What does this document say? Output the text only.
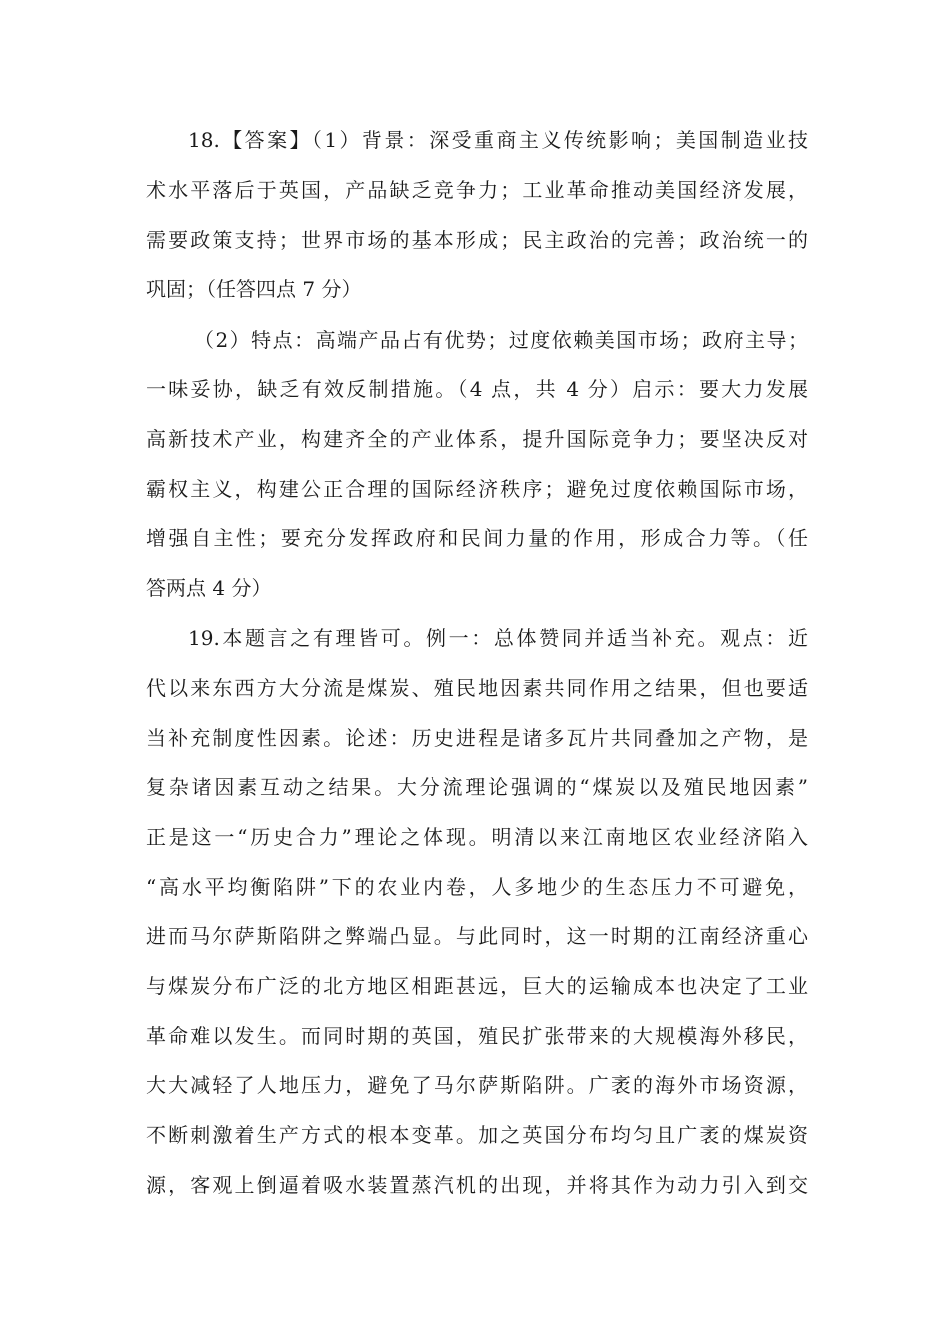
18.【答案】（1）背景：深受重商主义传统影响；美国制造业技
术水平落后于英国，产品缺乏竞争力；工业革命推动美国经济发展，
需要政策支持；世界市场的基本形成；民主政治的完善；政治统一的
巩固；（任答四点 7 分）
（2）特点：高端产品占有优势；过度依赖美国市场；政府主导；
一味妥协，缺乏有效反制措施。（4 点，共 4 分）启示：要大力发展
高新技术产业，构建齐全的产业体系，提升国际竞争力；要坚决反对
霸权主义，构建公正合理的国际经济秩序；避免过度依赖国际市场，
增强自主性；要充分发挥政府和民间力量的作用，形成合力等。（任
答两点 4 分）
19.本题言之有理皆可。例一：总体赞同并适当补充。观点：近
代以来东西方大分流是煤炭、殖民地因素共同作用之结果，但也要适
当补充制度性因素。论述：历史进程是诸多瓦片共同叠加之产物，是
复杂诸因素互动之结果。大分流理论强调的“煤炭以及殖民地因素”
正是这一“历史合力”理论之体现。明清以来江南地区农业经济陷入
“高水平均衡陷阱”下的农业内卷，人多地少的生态压力不可避免，
进而马尔萨斯陷阱之弊端凸显。与此同时，这一时期的江南经济重心
与煤炭分布广泛的北方地区相距甚远，巨大的运输成本也决定了工业
革命难以发生。而同时期的英国，殖民扩张带来的大规模海外移民，
大大减轻了人地压力，避免了马尔萨斯陷阱。广袤的海外市场资源，
不断刺激着生产方式的根本变革。加之英国分布均匀且广袤的煤炭资
源，客观上倒逼着吸水装置蒸汽机的出现，并将其作为动力引入到交
